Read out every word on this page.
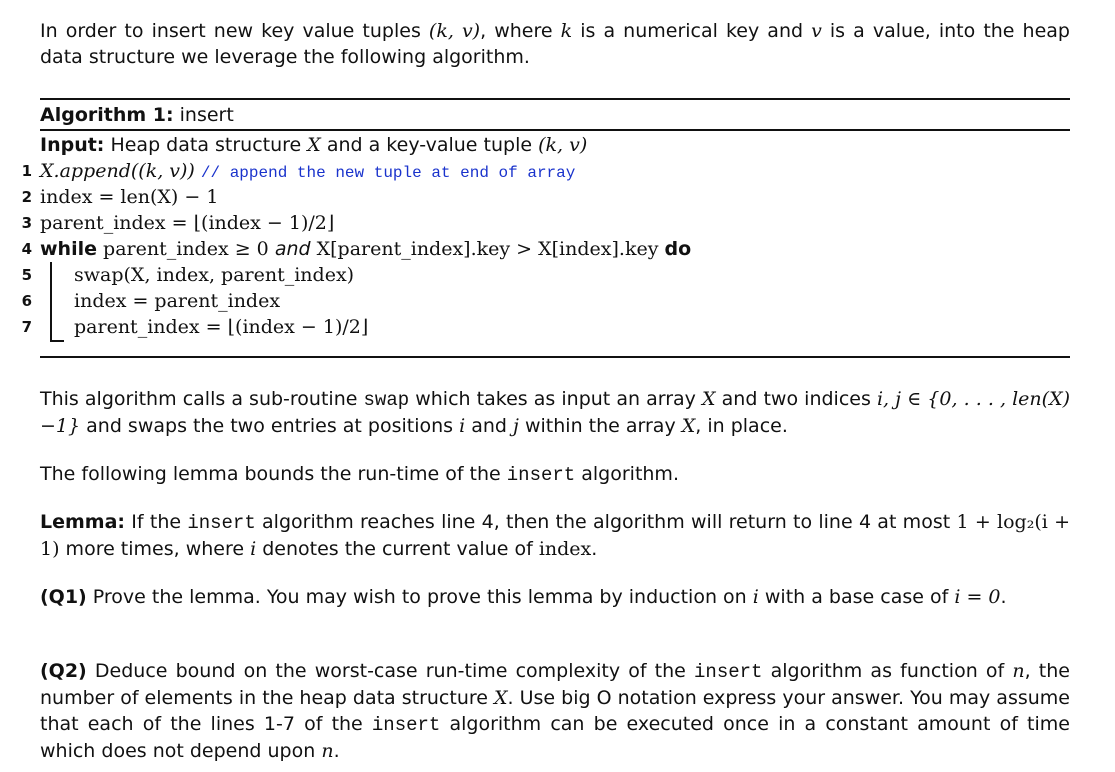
In order to insert new key value tuples (k, v), where k is a numerical key and v is a value, into the heap data structure we leverage the following algorithm.
Algorithm 1: insert
Input: Heap data structure X and a key-value tuple (k, v)
1 X.append((k, v)) // append the new tuple at end of array
2 index = len(X) − 1
3 parent_index = ⌊(index − 1)/2⌋
4 while parent_index ≥ 0 and X[parent_index].key > X[index].key do
5 swap(X, index, parent_index)
6 index = parent_index
7 parent_index = ⌊(index − 1)/2⌋
This algorithm calls a sub-routine swap which takes as input an array X and two indices i, j ∈ {0, . . . , len(X)−1} and swaps the two entries at positions i and j within the array X, in place.
The following lemma bounds the run-time of the insert algorithm.
Lemma: If the insert algorithm reaches line 4, then the algorithm will return to line 4 at most 1 + log₂(i + 1) more times, where i denotes the current value of index.
(Q1) Prove the lemma. You may wish to prove this lemma by induction on i with a base case of i = 0.
(Q2) Deduce bound on the worst-case run-time complexity of the insert algorithm as function of n, the number of elements in the heap data structure X. Use big O notation express your answer. You may assume that each of the lines 1-7 of the insert algorithm can be executed once in a constant amount of time which does not depend upon n.
